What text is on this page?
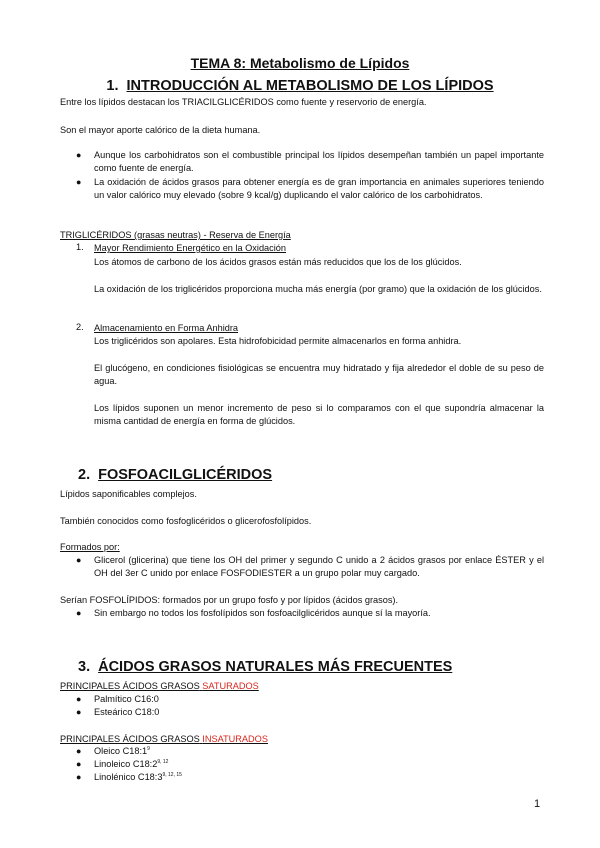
TEMA 8: Metabolismo de Lípidos
1. INTRODUCCIÓN AL METABOLISMO DE LOS LÍPIDOS

Entre los lípidos destacan los TRIACILGLICÉRIDOS como fuente y reservorio de energía.

Son el mayor aporte calórico de la dieta humana.

● Aunque los carbohidratos son el combustible principal los lípidos desempeñan también un papel importante como fuente de energía.

● La oxidación de ácidos grasos para obtener energía es de gran importancia en animales superiores teniendo un valor calórico muy elevado (sobre 9 kcal/g) duplicando el valor calórico de los carbohidratos.

TRIGLICÉRIDOS (grasas neutras) - Reserva de Energía

1. Mayor Rendimiento Energético en la Oxidación

Los átomos de carbono de los ácidos grasos están más reducidos que los de los glúcidos.

La oxidación de los triglicéridos proporciona mucha más energía (por gramo) que la oxidación de los glúcidos.

2. Almacenamiento en Forma Anhidra

Los triglicéridos son apolares. Esta hidrofobicidad permite almacenarlos en forma anhidra.

El glucógeno, en condiciones fisiológicas se encuentra muy hidratado y fija alrededor el doble de su peso de agua.

Los lípidos suponen un menor incremento de peso si lo comparamos con el que supondría almacenar la misma cantidad de energía en forma de glúcidos.

2. FOSFOACILGLICÉRIDOS

Lípidos saponificables complejos.

También conocidos como fosfoglicéridos o glicerofosfolípidos.

Formados por:

● Glicerol (glicerina) que tiene los OH del primer y segundo C unido a 2 ácidos grasos por enlace ÉSTER y el OH del 3er C unido por enlace FOSFODIESTER a un grupo polar muy cargado.

Serían FOSFOLÍPIDOS: formados por un grupo fosfo y por lípidos (ácidos grasos).

● Sin embargo no todos los fosfolípidos son fosfoacilglicéridos aunque sí la mayoría.

3. ÁCIDOS GRASOS NATURALES MÁS FRECUENTES

PRINCIPALES ÁCIDOS GRASOS SATURADOS

● Palmítico C16:0

● Esteárico C18:0

PRINCIPALES ÁCIDOS GRASOS INSATURADOS

● Oleico $C18:1^9$

● Linoleico C18:2$^{9, 12}$

● Linolénico C18:3$^{9, 12, 15}$

1
